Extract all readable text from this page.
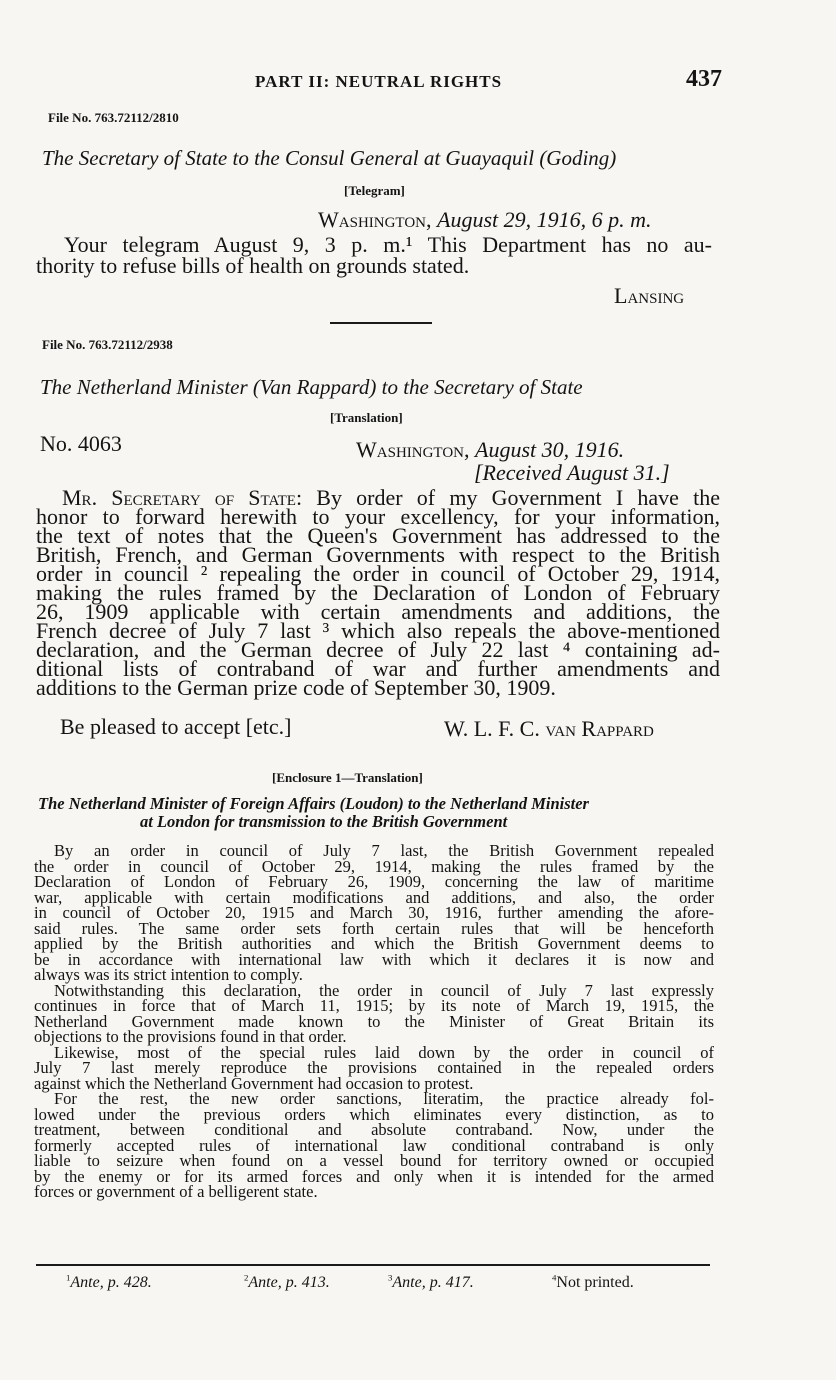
PART II: NEUTRAL RIGHTS	437
File No. 763.72112/2810
The Secretary of State to the Consul General at Guayaquil (Goding)
[Telegram]
Washington, August 29, 1916, 6 p. m.
Your telegram August 9, 3 p. m.¹ This Department has no au-
thority to refuse bills of health on grounds stated.
Lansing
File No. 763.72112/2938
The Netherland Minister (Van Rappard) to the Secretary of State
[Translation]
No. 4063	Washington, August 30, 1916.
[Received August 31.]
Mr. Secretary of State: By order of my Government I have the
honor to forward herewith to your excellency, for your information,
the text of notes that the Queen's Government has addressed to the
British, French, and German Governments with respect to the British
order in council ² repealing the order in council of October 29, 1914,
making the rules framed by the Declaration of London of February
26, 1909 applicable with certain amendments and additions, the
French decree of July 7 last ³ which also repeals the above-mentioned
declaration, and the German decree of July 22 last ⁴ containing ad-
ditional lists of contraband of war and further amendments and
additions to the German prize code of September 30, 1909.
Be pleased to accept [etc.]	W. L. F. C. van Rappard
[Enclosure 1—Translation]
The Netherland Minister of Foreign Affairs (Loudon) to the Netherland Minister
at London for transmission to the British Government
By an order in council of July 7 last, the British Government repealed
the order in council of October 29, 1914, making the rules framed by the
Declaration of London of February 26, 1909, concerning the law of maritime
war, applicable with certain modifications and additions, and also, the order
in council of October 20, 1915 and March 30, 1916, further amending the afore-
said rules. The same order sets forth certain rules that will be henceforth
applied by the British authorities and which the British Government deems to
be in accordance with international law with which it declares it is now and
always was its strict intention to comply.
Notwithstanding this declaration, the order in council of July 7 last expressly
continues in force that of March 11, 1915; by its note of March 19, 1915, the
Netherland Government made known to the Minister of Great Britain its
objections to the provisions found in that order.
Likewise, most of the special rules laid down by the order in council of
July 7 last merely reproduce the provisions contained in the repealed orders
against which the Netherland Government had occasion to protest.
For the rest, the new order sanctions, literatim, the practice already fol-
lowed under the previous orders which eliminates every distinction, as to
treatment, between conditional and absolute contraband. Now, under the
formerly accepted rules of international law conditional contraband is only
liable to seizure when found on a vessel bound for territory owned or occupied
by the enemy or for its armed forces and only when it is intended for the armed
forces or government of a belligerent state.
$^1$Ante, p. 428.	$^2$Ante, p. 413.	$^3$Ante, p. 417.	$^4$Not printed.
